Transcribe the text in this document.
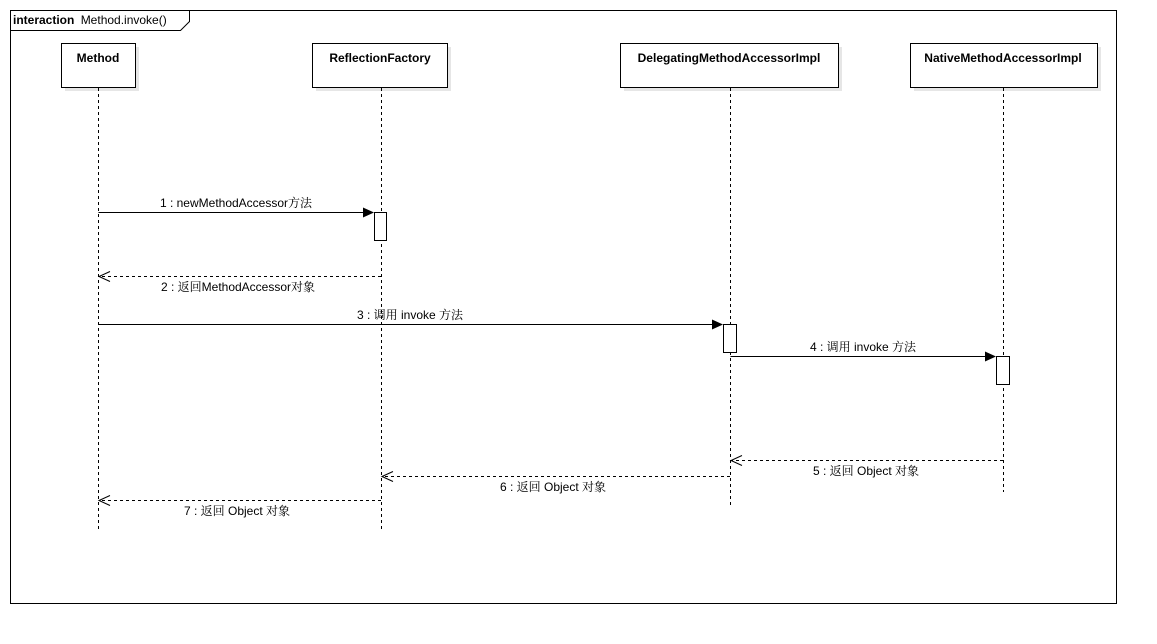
interaction Method.invoke()
Method	ReflectionFactory	DelegatingMethodAccessorImpl	NativeMethodAccessorImpl
1 : newMethodAccessor方法
2 : 返回MethodAccessor对象
3 : 调用 invoke 方法
4 : 调用 invoke 方法
5 : 返回 Object 对象
6 : 返回 Object 对象
7 : 返回 Object 对象
